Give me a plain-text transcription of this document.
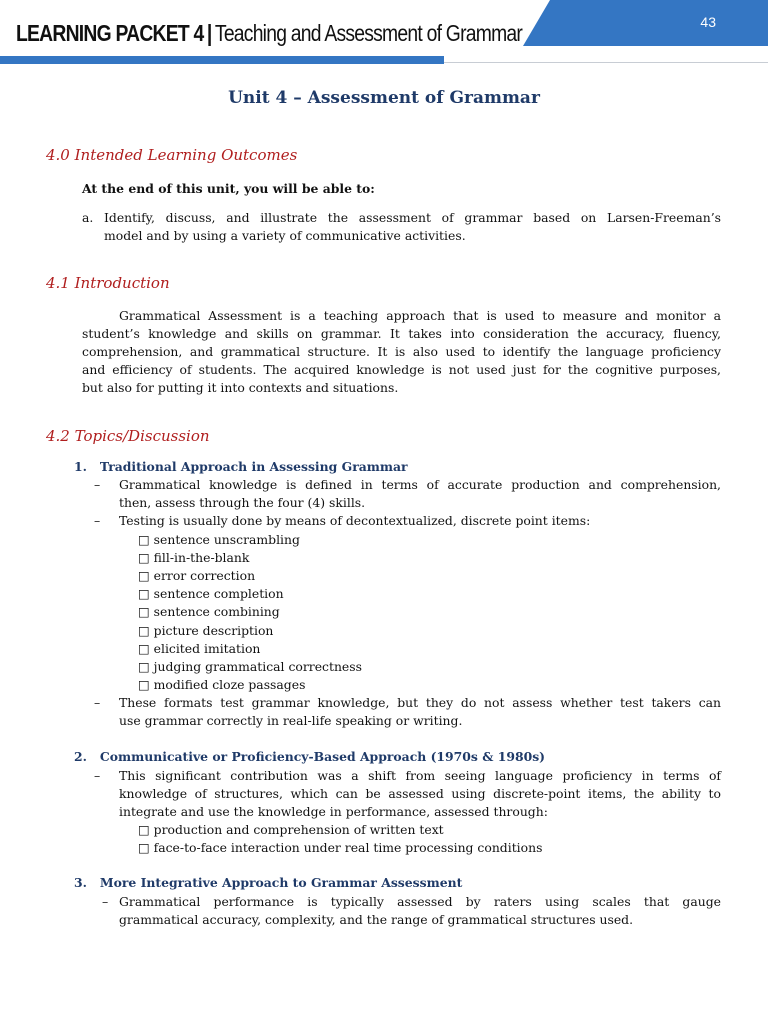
LEARNING PACKET 4 | Teaching and Assessment of Grammar	43
Unit 4 – Assessment of Grammar
4.0 Intended Learning Outcomes
At the end of this unit, you will be able to:
a. Identify, discuss, and illustrate the assessment of grammar based on Larsen-Freeman’s
model and by using a variety of communicative activities.
4.1 Introduction
Grammatical Assessment is a teaching approach that is used to measure and monitor a
student’s knowledge and skills on grammar. It takes into consideration the accuracy, fluency,
comprehension, and grammatical structure. It is also used to identify the language proficiency
and efficiency of students. The acquired knowledge is not used just for the cognitive purposes,
but also for putting it into contexts and situations.
4.2 Topics/Discussion
1.   Traditional Approach in Assessing Grammar
– Grammatical knowledge is defined in terms of accurate production and comprehension,
then, assess through the four (4) skills.
– Testing is usually done by means of decontextualized, discrete point items:
□ sentence unscrambling
□ fill-in-the-blank
□ error correction
□ sentence completion
□ sentence combining
□ picture description
□ elicited imitation
□ judging grammatical correctness
□ modified cloze passages
– These formats test grammar knowledge, but they do not assess whether test takers can
use grammar correctly in real-life speaking or writing.
2.   Communicative or Proficiency-Based Approach (1970s & 1980s)
– This significant contribution was a shift from seeing language proficiency in terms of
knowledge of structures, which can be assessed using discrete-point items, the ability to
integrate and use the knowledge in performance, assessed through:
□ production and comprehension of written text
□ face-to-face interaction under real time processing conditions
3.   More Integrative Approach to Grammar Assessment
– Grammatical performance is typically assessed by raters using scales that gauge
grammatical accuracy, complexity, and the range of grammatical structures used.
